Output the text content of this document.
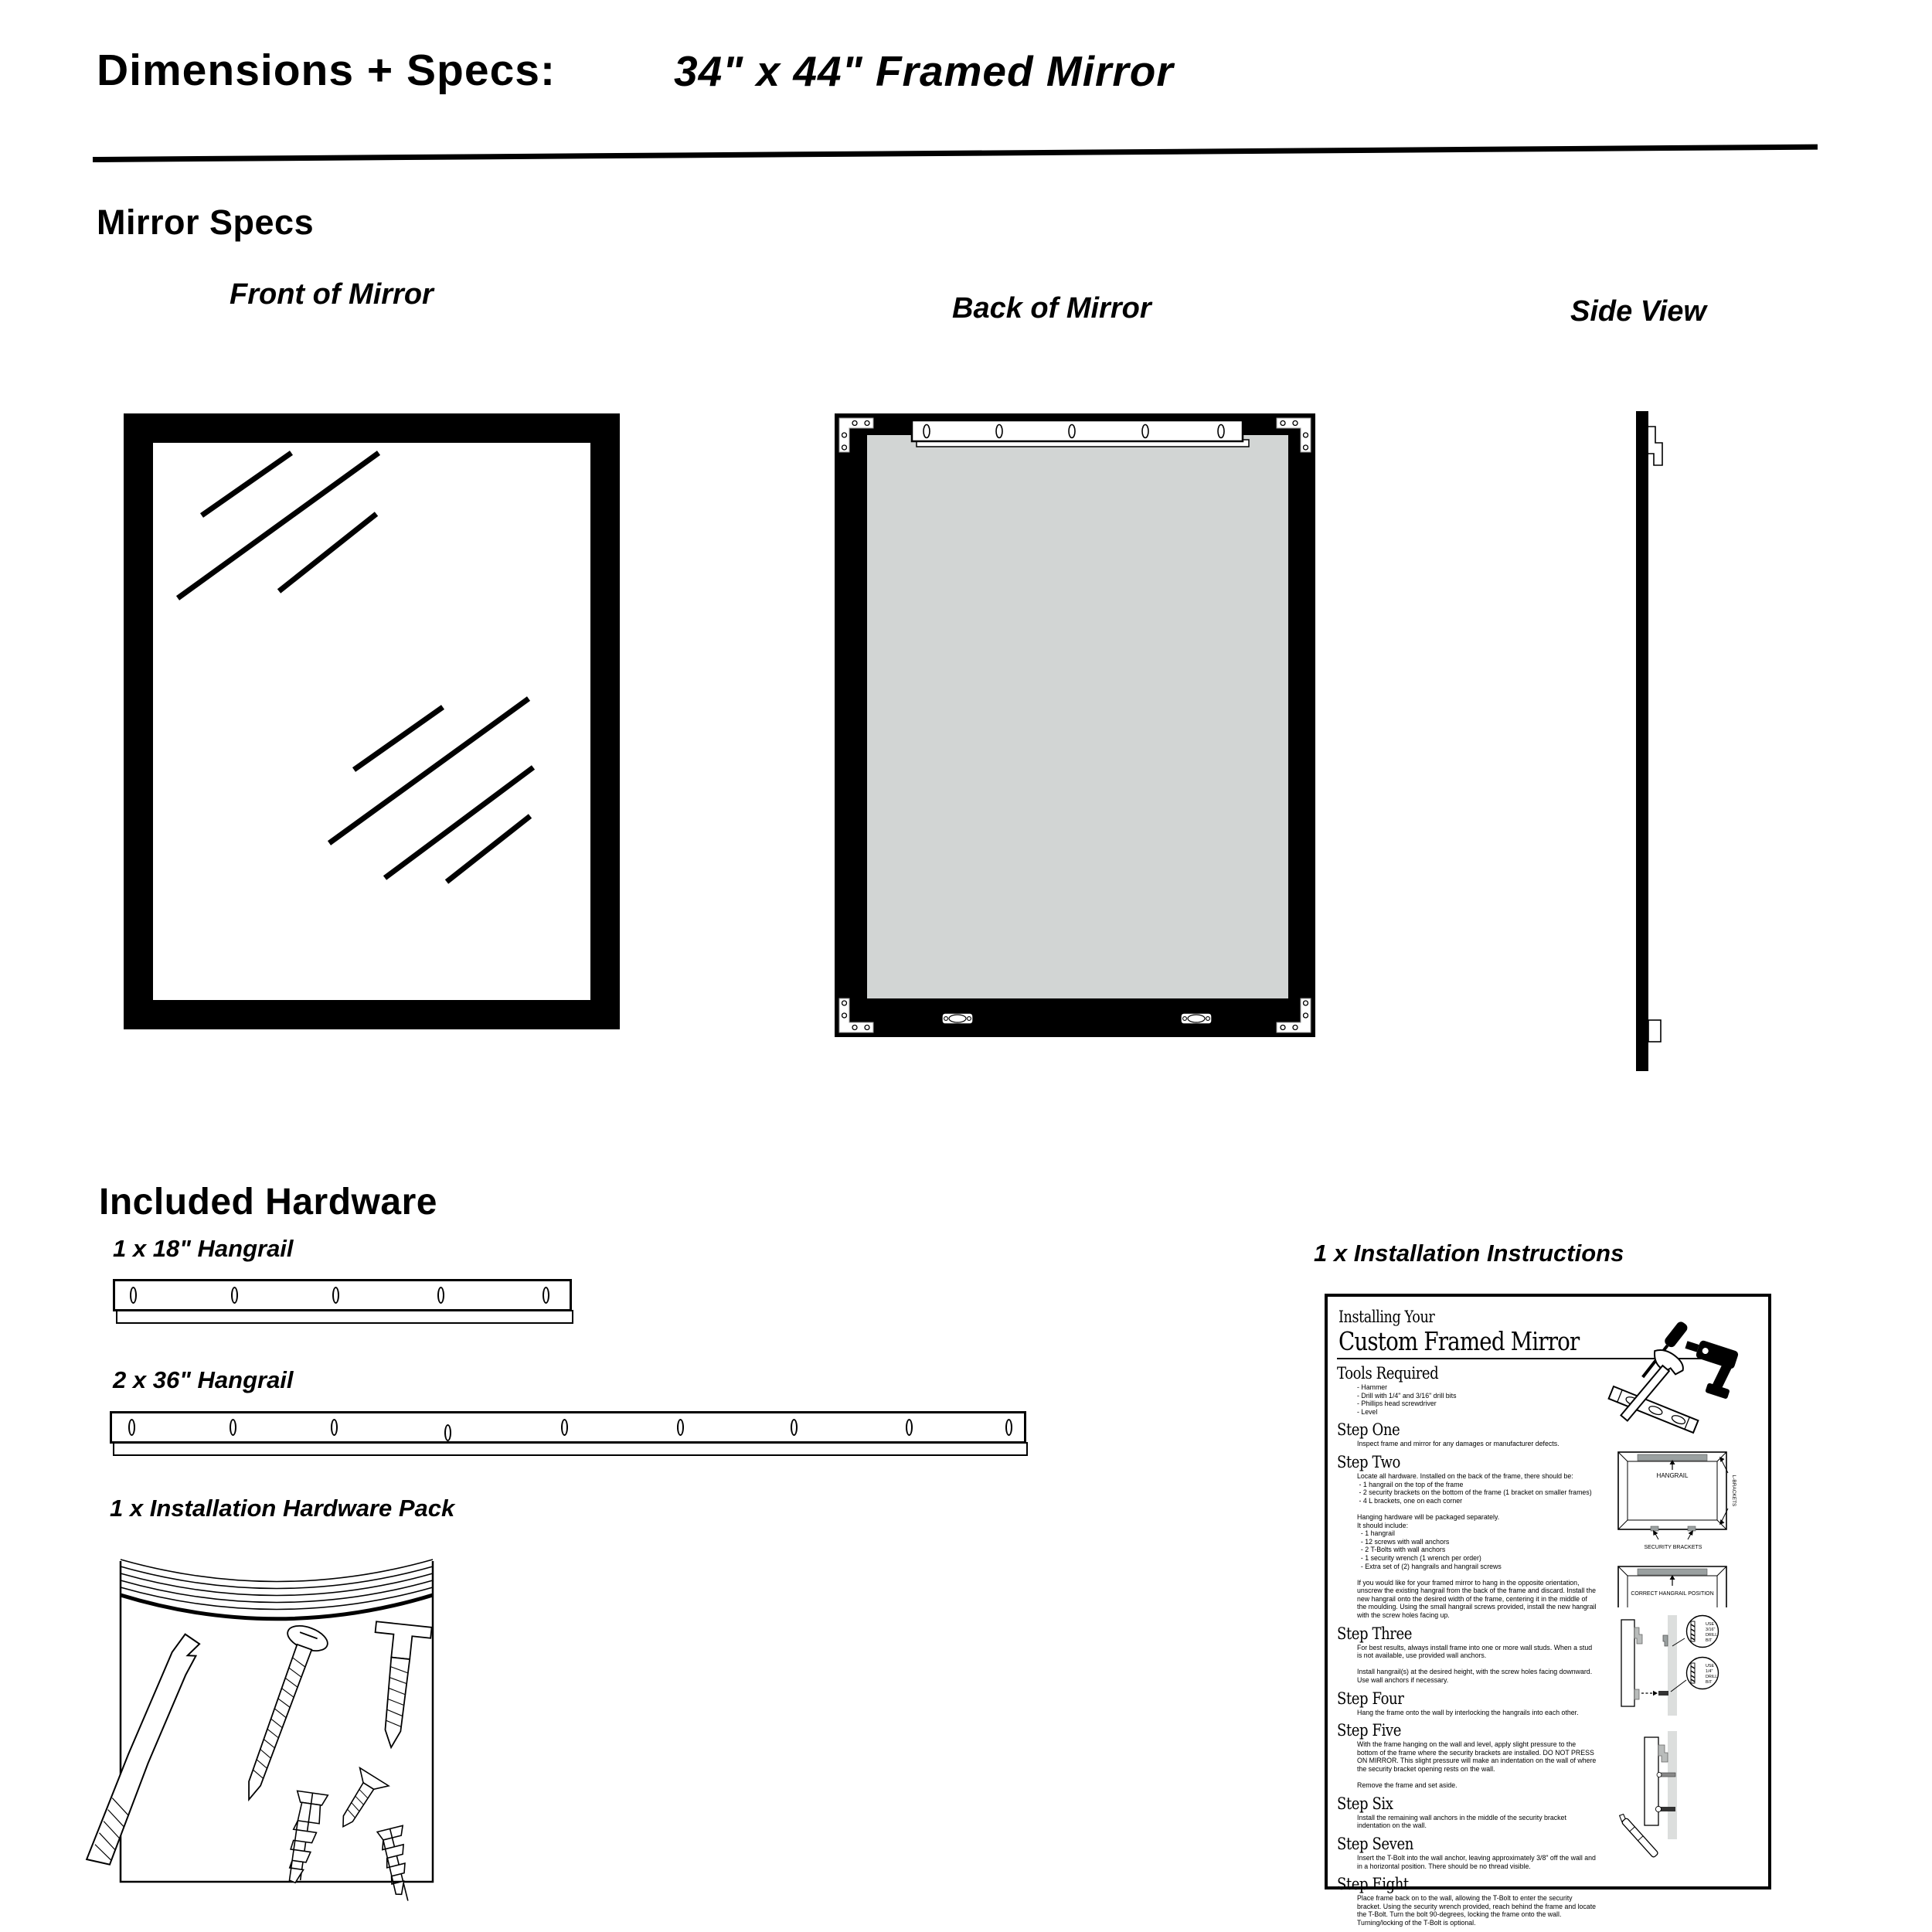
Dimensions + Specs:	34" x 44" Framed Mirror
Mirror Specs
Front of Mirror	Back of Mirror	Side View
Included Hardware
1 x 18" Hangrail
2 x 36" Hangrail
1 x Installation Hardware Pack
1 x Installation Instructions
Installing Your
Custom Framed Mirror
Tools Required
- Hammer
- Drill with 1/4" and 3/16" drill bits
- Phillips head screwdriver
- Level
Step One
Inspect frame and mirror for any damages or manufacturer defects.
Step Two
Locate all hardware. Installed on the back of the frame, there should be:
- 1 hangrail on the top of the frame
- 2 security brackets on the bottom of the frame (1 bracket on smaller frames)
- 4 L brackets, one on each corner

Hanging hardware will be packaged separately.
It should include:
- 1 hangrail
- 12 screws with wall anchors
- 2 T-Bolts with wall anchors
- 1 security wrench (1 wrench per order)
- Extra set of (2) hangrails and hangrail screws

If you would like for your framed mirror to hang in the opposite orientation, unscrew the existing hangrail from the back of the frame and discard. Install the new hangrail onto the desired width of the frame, centering it in the middle of the moulding. Using the small hangrail screws provided, install the new hangrail with the screw holes facing up.
Step Three
For best results, always install frame into one or more wall studs. When a stud is not available, use provided wall anchors.

Install hangrail(s) at the desired height, with the screw holes facing downward.
Use wall anchors if necessary.
Step Four
Hang the frame onto the wall by interlocking the hangrails into each other.
Step Five
With the frame hanging on the wall and level, apply slight pressure to the bottom of the frame where the security brackets are installed. DO NOT PRESS ON MIRROR. This slight pressure will make an indentation on the wall of where the security bracket opening rests on the wall.

Remove the frame and set aside.
Step Six
Install the remaining wall anchors in the middle of the security bracket indentation on the wall.
Step Seven
Insert the T-Bolt into the wall anchor, leaving approximately 3/8" off the wall and in a horizontal position. There should be no thread visible.
Step Eight
Place frame back on to the wall, allowing the T-Bolt to enter the security bracket. Using the security wrench provided, reach behind the frame and locate the T-Bolt. Turn the bolt 90-degrees, locking the frame onto the wall. Turning/locking of the T-Bolt is optional.
HANGRAIL	L-BRACKETS
SECURITY BRACKETS
CORRECT HANGRAIL POSITION
USE
3/16"
DRILL
BIT
USE
1/4"
DRILL
BIT
